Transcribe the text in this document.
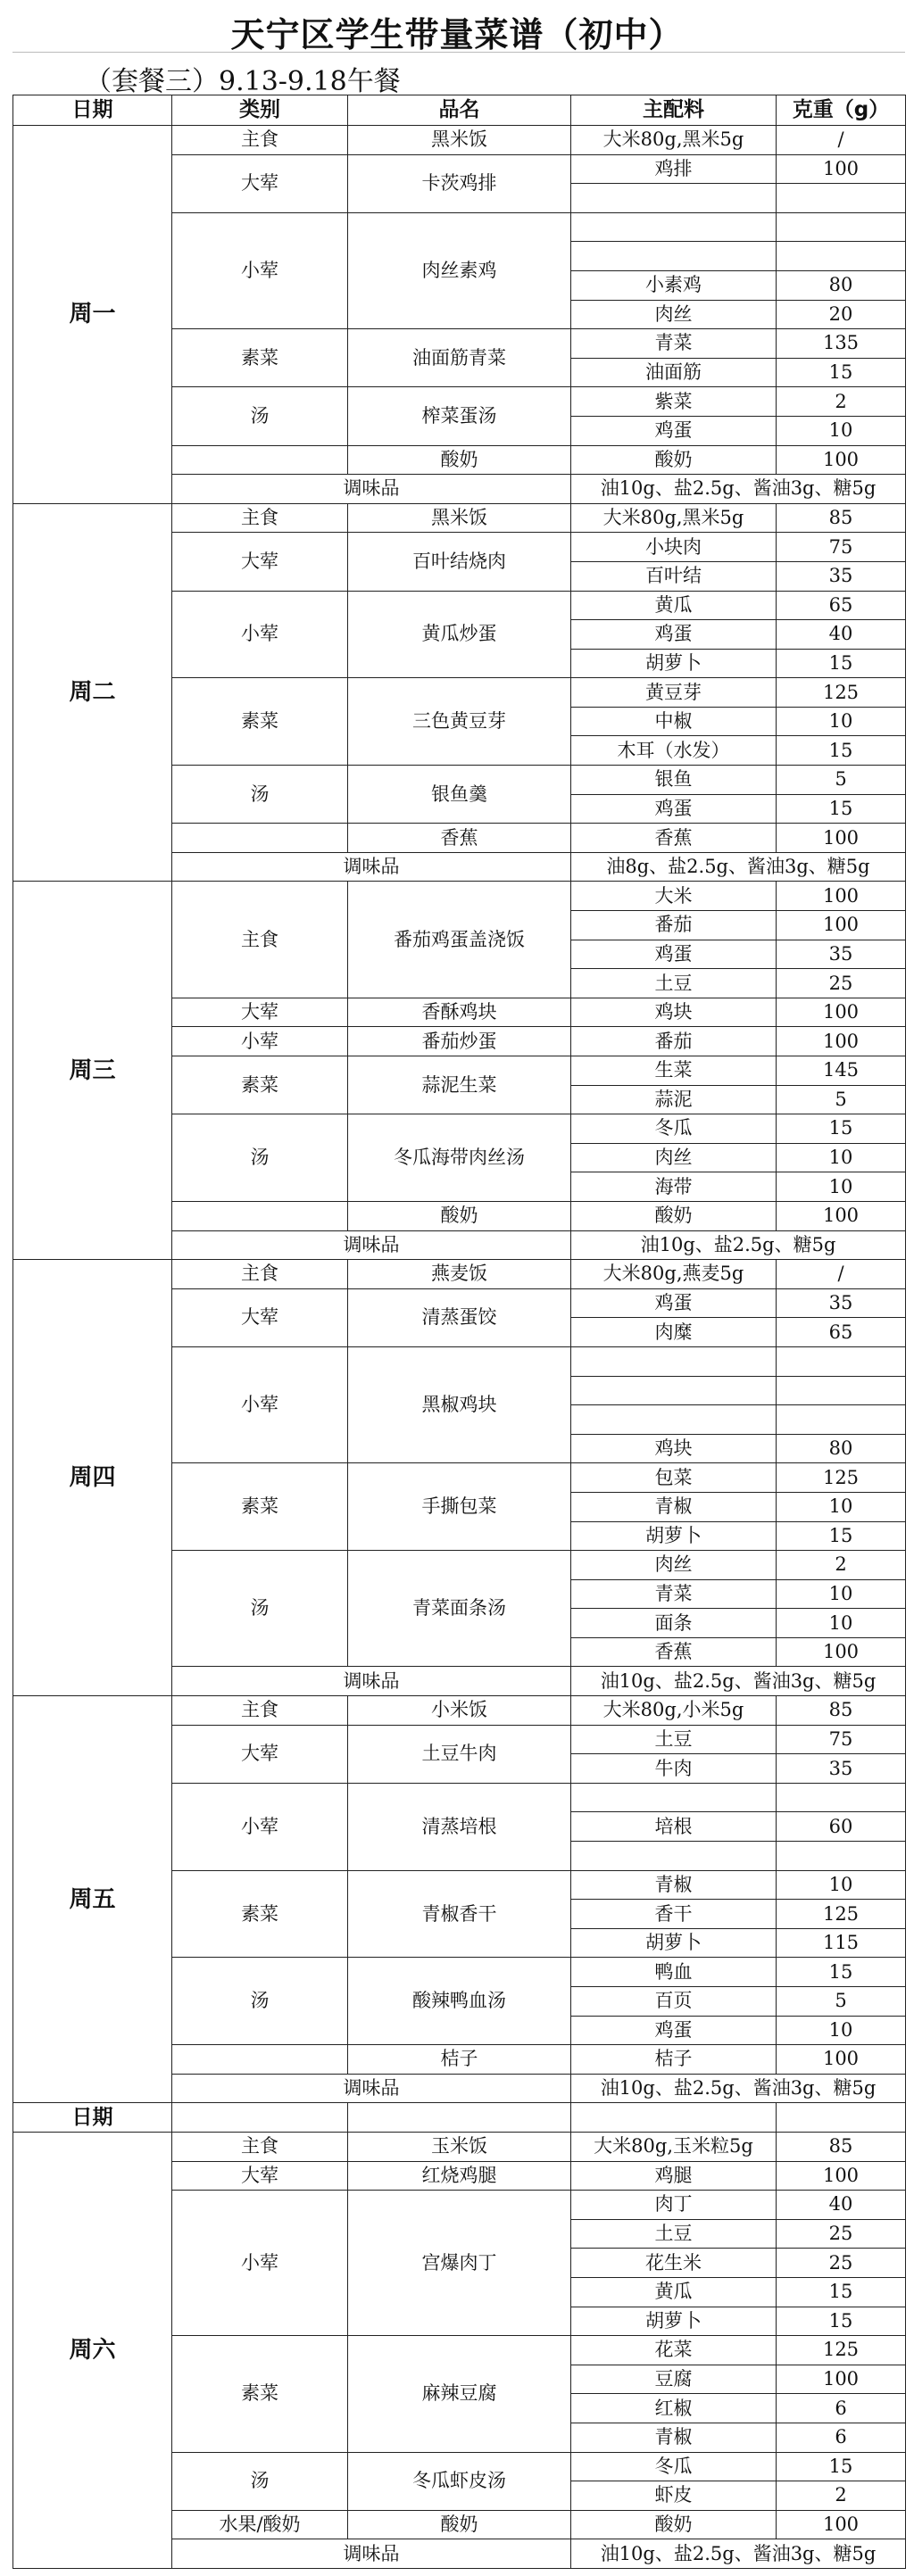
天宁区学生带量菜谱（初中）
（套餐三）9.13-9.18午餐
日期	类别	品名	主配料	克重（g）	
周一	主食	黑米饭	大米80g,黑米5g	/	
	大荤	卡茨鸡排	鸡排	100	

	小荤	肉丝素鸡			

			小素鸡	80	
			肉丝	20	
	素菜	油面筋青菜	青菜	135	
			油面筋	15	
	汤	榨菜蛋汤	紫菜	2	
			鸡蛋	10	
		酸奶	酸奶	100	
	调味品		油10g、盐2.5g、酱油3g、糖5g		
周二	主食	黑米饭	大米80g,黑米5g	85	
	大荤	百叶结烧肉	小块肉	75	
			百叶结	35	
	小荤	黄瓜炒蛋	黄瓜	65	
			鸡蛋	40	
			胡萝卜	15	
	素菜	三色黄豆芽	黄豆芽	125	
			中椒	10	
			木耳（水发）	15	
	汤	银鱼羹	银鱼	5	
			鸡蛋	15	
		香蕉	香蕉	100	
	调味品		油8g、盐2.5g、酱油3g、糖5g		
周三	主食	番茄鸡蛋盖浇饭	大米	100	
			番茄	100	
			鸡蛋	35	
			土豆	25	
	大荤	香酥鸡块	鸡块	100	
	小荤	番茄炒蛋	番茄	100	
	素菜	蒜泥生菜	生菜	145	
			蒜泥	5	
	汤	冬瓜海带肉丝汤	冬瓜	15	
			肉丝	10	
			海带	10	
		酸奶	酸奶	100	
	调味品		油10g、盐2.5g、糖5g		
周四	主食	燕麦饭	大米80g,燕麦5g	/	
	大荤	清蒸蛋饺	鸡蛋	35	
			肉糜	65	
	小荤	黑椒鸡块			

			鸡块	80	
	素菜	手撕包菜	包菜	125	
			青椒	10	
			胡萝卜	15	
	汤	青菜面条汤	肉丝	2	
			青菜	10	
			面条	10	
			香蕉	100	
	调味品		油10g、盐2.5g、酱油3g、糖5g		
周五	主食	小米饭	大米80g,小米5g	85	
	大荤	土豆牛肉	土豆	75	
			牛肉	35	
	小荤	清蒸培根			
			培根	60	

	素菜	青椒香干	青椒	10	
			香干	125	
			胡萝卜	115	
	汤	酸辣鸭血汤	鸭血	15	
			百页	5	
			鸡蛋	10	
		桔子	桔子	100	
	调味品		油10g、盐2.5g、酱油3g、糖5g		
日期					
周六	主食	玉米饭	大米80g,玉米粒5g	85	
	大荤	红烧鸡腿	鸡腿	100	
	小荤	宫爆肉丁	肉丁	40	
			土豆	25	
			花生米	25	
			黄瓜	15	
			胡萝卜	15	
	素菜	麻辣豆腐	花菜	125	
			豆腐	100	
			红椒	6	
			青椒	6	
	汤	冬瓜虾皮汤	冬瓜	15	
			虾皮	2	
	水果/酸奶	酸奶	酸奶	100	
	调味品		油10g、盐2.5g、酱油3g、糖5g		
